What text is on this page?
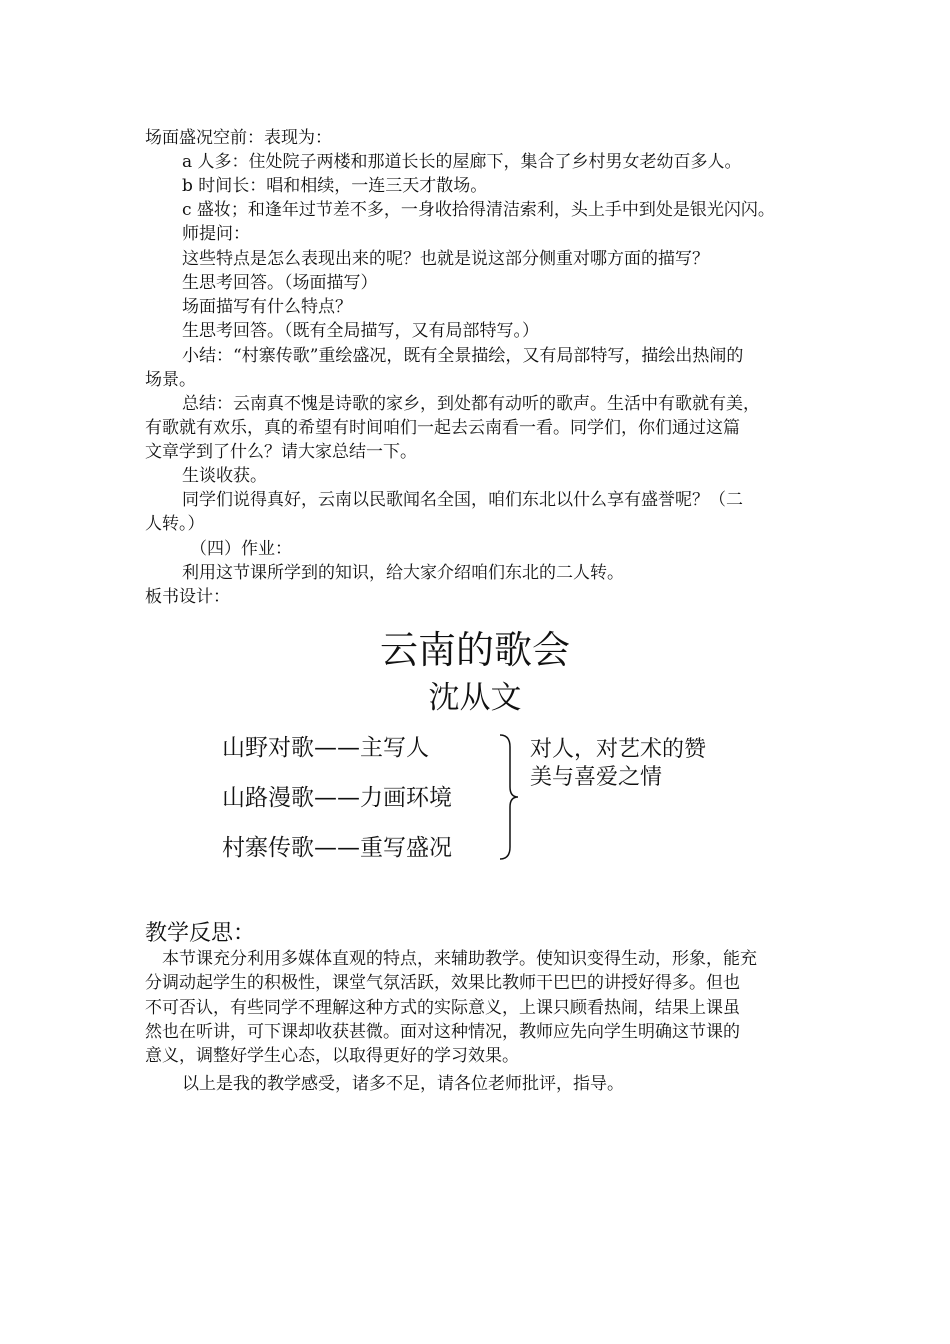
场面盛况空前：表现为：

a 人多：住处院子两楼和那道长长的屋廊下，集合了乡村男女老幼百多人。

b 时间长：唱和相续，一连三天才散场。

c 盛妆；和逢年过节差不多，一身收拾得清洁索利，头上手中到处是银光闪闪。

师提问：

这些特点是怎么表现出来的呢？也就是说这部分侧重对哪方面的描写？

生思考回答。（场面描写）

场面描写有什么特点？

生思考回答。（既有全局描写，又有局部特写。）

小结：“村寨传歌”重绘盛况，既有全景描绘，又有局部特写，描绘出热闹的

场景。

总结：云南真不愧是诗歌的家乡，到处都有动听的歌声。生活中有歌就有美，

有歌就有欢乐，真的希望有时间咱们一起去云南看一看。同学们，你们通过这篇

文章学到了什么？请大家总结一下。

生谈收获。

同学们说得真好，云南以民歌闻名全国，咱们东北以什么享有盛誉呢？（二

人转。）

（四）作业：

利用这节课所学到的知识，给大家介绍咱们东北的二人转。

板书设计：

云南的歌会
沈从文
山野对歌——主写人
山路漫歌——力画环境
村寨传歌——重写盛况
对人，对艺术的赞
美与喜爱之情
教学反思：

本节课充分利用多媒体直观的特点，来辅助教学。使知识变得生动，形象，能充

分调动起学生的积极性，课堂气氛活跃，效果比教师干巴巴的讲授好得多。但也

不可否认，有些同学不理解这种方式的实际意义，上课只顾看热闹，结果上课虽

然也在听讲，可下课却收获甚微。面对这种情况，教师应先向学生明确这节课的

意义，调整好学生心态，以取得更好的学习效果。

以上是我的教学感受，诸多不足，请各位老师批评，指导。
